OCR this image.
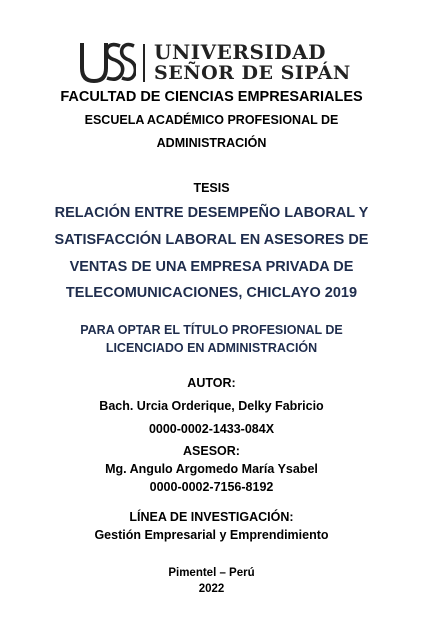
UNIVERSIDAD
SEÑOR DE SIPÁN
FACULTAD DE CIENCIAS EMPRESARIALES
ESCUELA ACADÉMICO PROFESIONAL DE
ADMINISTRACIÓN
TESIS
RELACIÓN ENTRE DESEMPEÑO LABORAL Y
SATISFACCIÓN LABORAL EN ASESORES DE
VENTAS DE UNA EMPRESA PRIVADA DE
TELECOMUNICACIONES, CHICLAYO 2019
PARA OPTAR EL TÍTULO PROFESIONAL DE
LICENCIADO EN ADMINISTRACIÓN
AUTOR:
Bach. Urcia Orderique, Delky Fabricio
0000-0002-1433-084X
ASESOR:
Mg. Angulo Argomedo María Ysabel
0000-0002-7156-8192
LÍNEA DE INVESTIGACIÓN:
Gestión Empresarial y Emprendimiento
Pimentel – Perú
2022
